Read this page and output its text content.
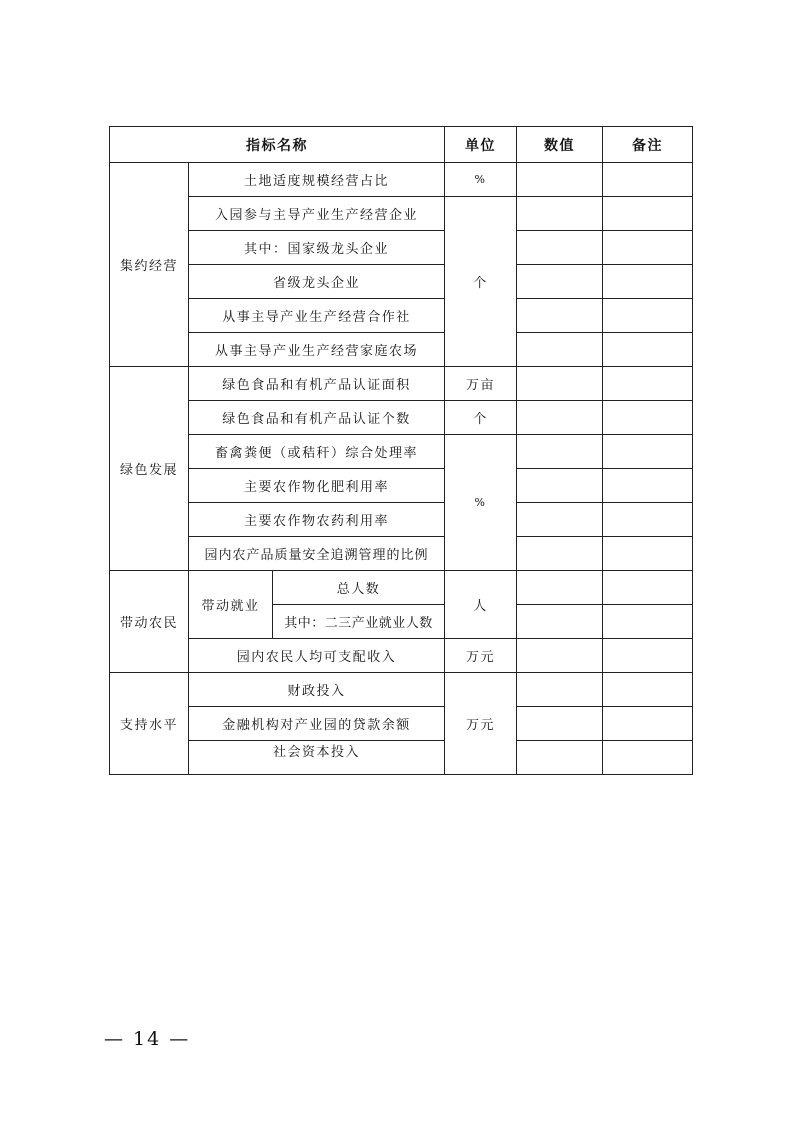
指标名称			单位	数值	备注
集约经营	土地适度规模经营占比		%		
	入园参与主导产业生产经营企业		个		
	其中：国家级龙头企业				
	省级龙头企业				
	从事主导产业生产经营合作社				
	从事主导产业生产经营家庭农场				
绿色发展	绿色食品和有机产品认证面积		万亩		
	绿色食品和有机产品认证个数		个		
	畜禽粪便（或秸秆）综合处理率		%		
	主要农作物化肥利用率				
	主要农作物农药利用率				
	园内农产品质量安全追溯管理的比例				
带动农民	带动就业	总人数	人		
		其中：二三产业就业人数			
	园内农民人均可支配收入		万元		
支持水平	财政投入		万元		
	金融机构对产业园的贷款余额				
	社会资本投入				
— 14 —
